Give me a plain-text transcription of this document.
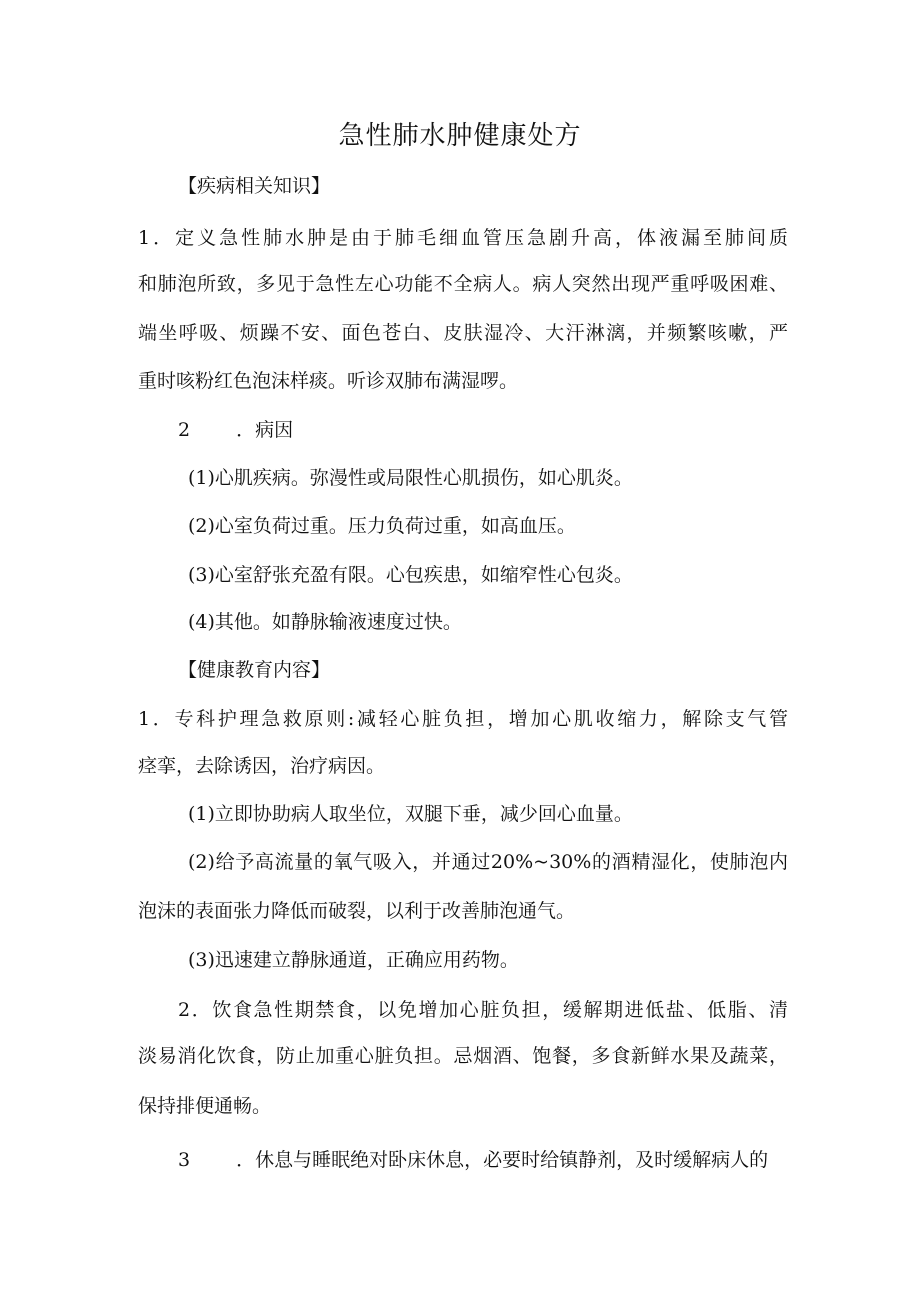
急性肺水肿健康处方
【疾病相关知识】
1．定义急性肺水肿是由于肺毛细血管压急剧升高，体液漏至肺间质
和肺泡所致，多见于急性左心功能不全病人。病人突然出现严重呼吸困难、
端坐呼吸、烦躁不安、面色苍白、皮肤湿冷、大汗淋漓，并频繁咳嗽，严
重时咳粉红色泡沫样痰。听诊双肺布满湿啰。
2 ．病因
(1)心肌疾病。弥漫性或局限性心肌损伤，如心肌炎。
(2)心室负荷过重。压力负荷过重，如高血压。
(3)心室舒张充盈有限。心包疾患，如缩窄性心包炎。
(4)其他。如静脉输液速度过快。
【健康教育内容】
1．专科护理急救原则:减轻心脏负担，增加心肌收缩力，解除支气管
痉挛，去除诱因，治疗病因。
(1)立即协助病人取坐位，双腿下垂，减少回心血量。
(2)给予高流量的氧气吸入，并通过20%~30%的酒精湿化，使肺泡内
泡沫的表面张力降低而破裂，以利于改善肺泡通气。
(3)迅速建立静脉通道，正确应用药物。
2．饮食急性期禁食，以免增加心脏负担，缓解期进低盐、低脂、清
淡易消化饮食，防止加重心脏负担。忌烟酒、饱餐，多食新鲜水果及蔬菜，
保持排便通畅。
3 ．休息与睡眠绝对卧床休息，必要时给镇静剂，及时缓解病人的
